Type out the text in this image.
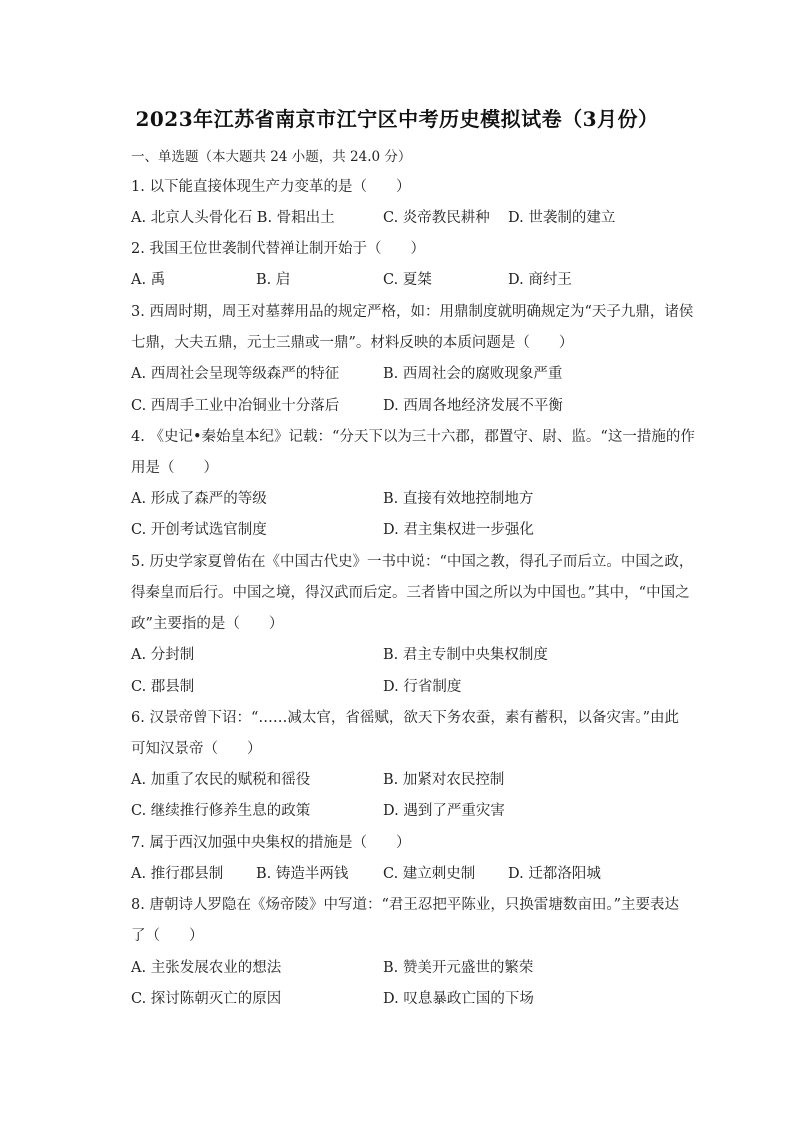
2023年江苏省南京市江宁区中考历史模拟试卷（3月份）
一、单选题（本大题共 24 小题，共 24.0 分）
1. 以下能直接体现生产力变革的是（　　）
A. 北京人头骨化石 B. 骨耜出土	C. 炎帝教民耕种 D. 世袭制的建立
2. 我国王位世袭制代替禅让制开始于（　　）
A. 禹	B. 启	C. 夏桀	D. 商纣王
3. 西周时期，周王对墓葬用品的规定严格，如：用鼎制度就明确规定为“天子九鼎，诸侯
七鼎，大夫五鼎，元士三鼎或一鼎”。材料反映的本质问题是（　　）
A. 西周社会呈现等级森严的特征	B. 西周社会的腐败现象严重
C. 西周手工业中冶铜业十分落后	D. 西周各地经济发展不平衡
4. 《史记•秦始皇本纪》记载：“分天下以为三十六郡，郡置守、尉、监。“这一措施的作
用是（　　）
A. 形成了森严的等级	B. 直接有效地控制地方
C. 开创考试选官制度	D. 君主集权进一步强化
5. 历史学家夏曾佑在《中国古代史》一书中说：“中国之教，得孔子而后立。中国之政，
得秦皇而后行。中国之境，得汉武而后定。三者皆中国之所以为中国也。”其中，“中国之
政”主要指的是（　　）
A. 分封制	B. 君主专制中央集权制度
C. 郡县制	D. 行省制度
6. 汉景帝曾下诏：“……减太官，省徭赋，欲天下务农蚕，素有蓄积，以备灾害。”由此
可知汉景帝（　　）
A. 加重了农民的赋税和徭役	B. 加紧对农民控制
C. 继续推行修养生息的政策	D. 遇到了严重灾害
7. 属于西汉加强中央集权的措施是（　　）
A. 推行郡县制 B. 铸造半两钱 C. 建立刺史制 D. 迁都洛阳城
8. 唐朝诗人罗隐在《炀帝陵》中写道：“君王忍把平陈业，只换雷塘数亩田。”主要表达
了（　　）
A. 主张发展农业的想法	B. 赞美开元盛世的繁荣
C. 探讨陈朝灭亡的原因	D. 叹息暴政亡国的下场
